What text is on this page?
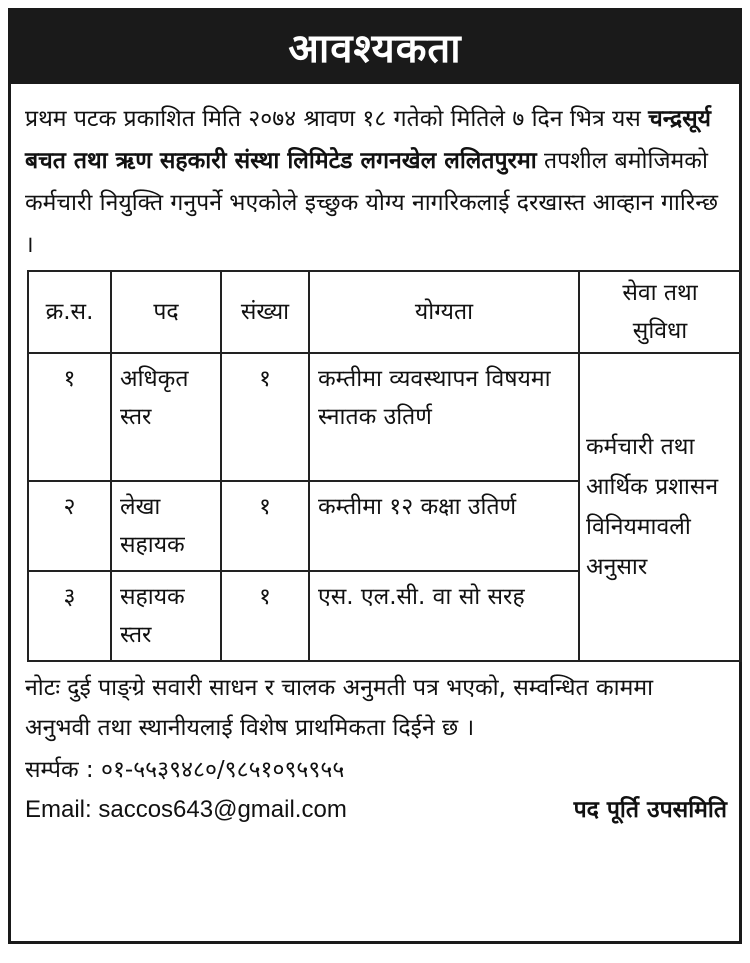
आवश्यकता
प्रथम पटक प्रकाशित मिति २०७४ श्रावण १८ गतेको मितिले ७ दिन भित्र यस चन्द्रसूर्य बचत तथा ऋण सहकारी संस्था लिमिटेड लगनखेल ललितपुरमा तपशील बमोजिमको कर्मचारी नियुक्ति गनुपर्ने भएकोले इच्छुक योग्य नागरिकलाई दरखास्त आव्हान गारिन्छ ।
क्र.स.	पद	संख्या	योग्यता	सेवा तथा
सुविधा

१	अधिकृत स्तर	१	कम्तीमा व्यवस्थापन विषयमा स्नातक उतिर्ण	कर्मचारी तथा आर्थिक प्रशासन विनियमावली अनुसार
२	लेखा सहायक	१	कम्तीमा १२ कक्षा उतिर्ण	
३	सहायक स्तर	१	एस. एल.सी. वा सो सरह	
नोटः दुई पाङ्ग्रे सवारी साधन र चालक अनुमती पत्र भएको, सम्वन्धित काममा अनुभवी तथा स्थानीयलाई विशेष प्राथमिकता दिईने छ ।
सर्म्पक : ०१-५५३९४८०/९८५१०९५९५५
Email: saccos643@gmail.com	पद पूर्ति उपसमिति
